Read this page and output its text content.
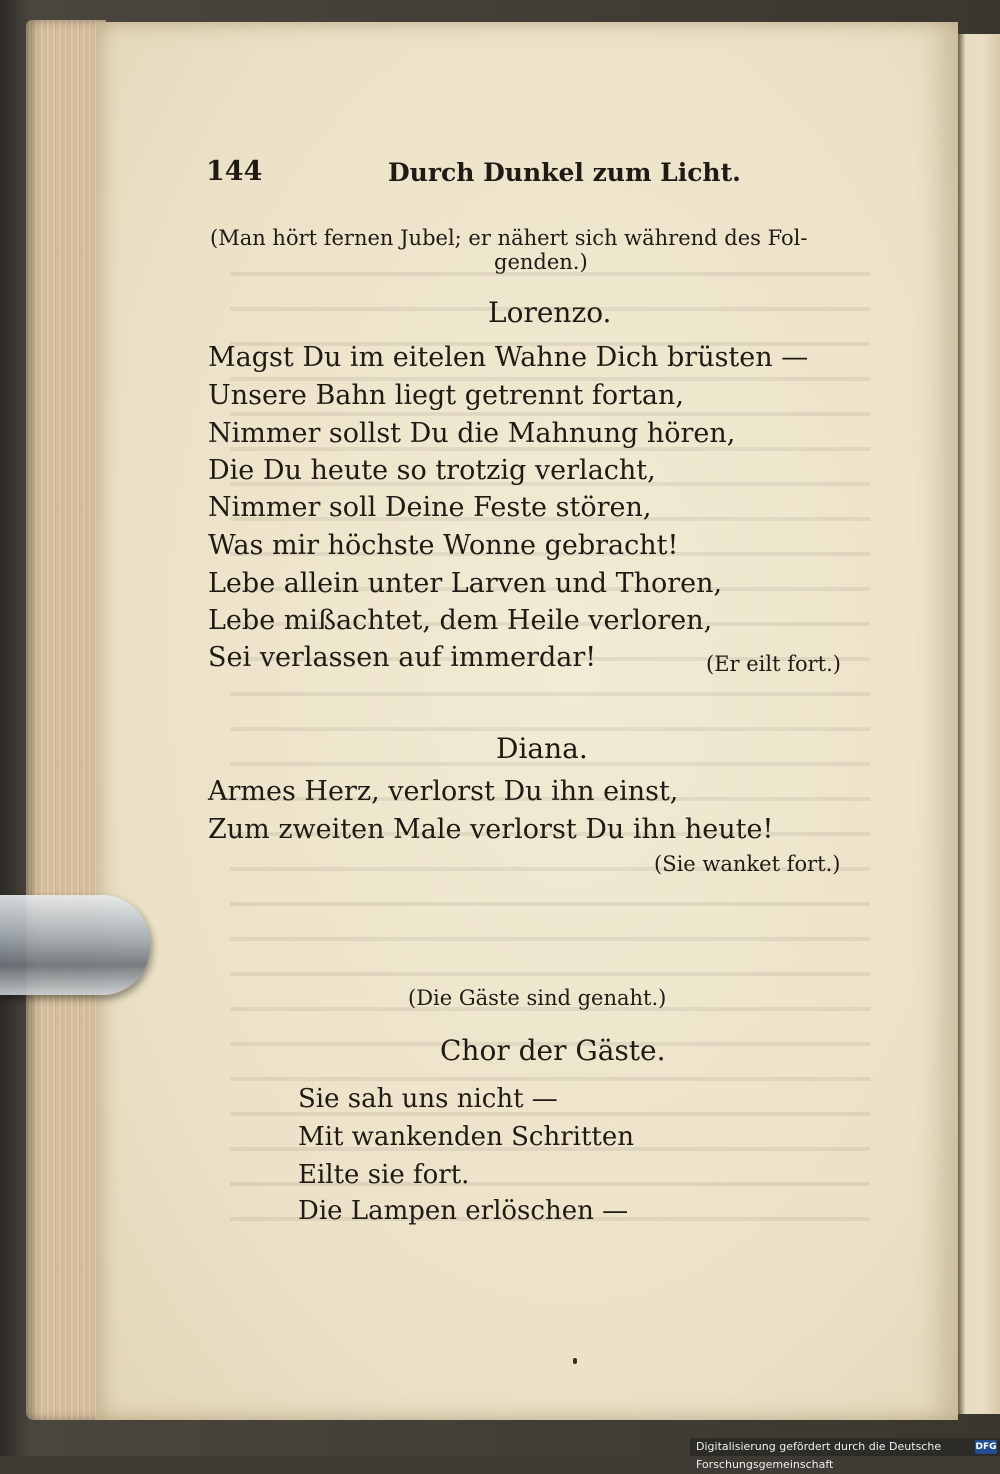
144	Durch Dunkel zum Licht.
(Man hört fernen Jubel; er nähert sich während des Fol-
genden.)
Lorenzo.
Magst Du im eitelen Wahne Dich brüsten —
Unsere Bahn liegt getrennt fortan,
Nimmer sollst Du die Mahnung hören,
Die Du heute so trotzig verlacht,
Nimmer soll Deine Feste stören,
Was mir höchste Wonne gebracht!
Lebe allein unter Larven und Thoren,
Lebe mißachtet, dem Heile verloren,
Sei verlassen auf immerdar!	(Er eilt fort.)
Diana.
Armes Herz, verlorst Du ihn einst,
Zum zweiten Male verlorst Du ihn heute!
(Sie wanket fort.)
(Die Gäste sind genaht.)
Chor der Gäste.
Sie sah uns nicht —
Mit wankenden Schritten
Eilte sie fort.
Die Lampen erlöschen —
Digitalisierung gefördert durch die Deutsche Forschungsgemeinschaft
DFG
